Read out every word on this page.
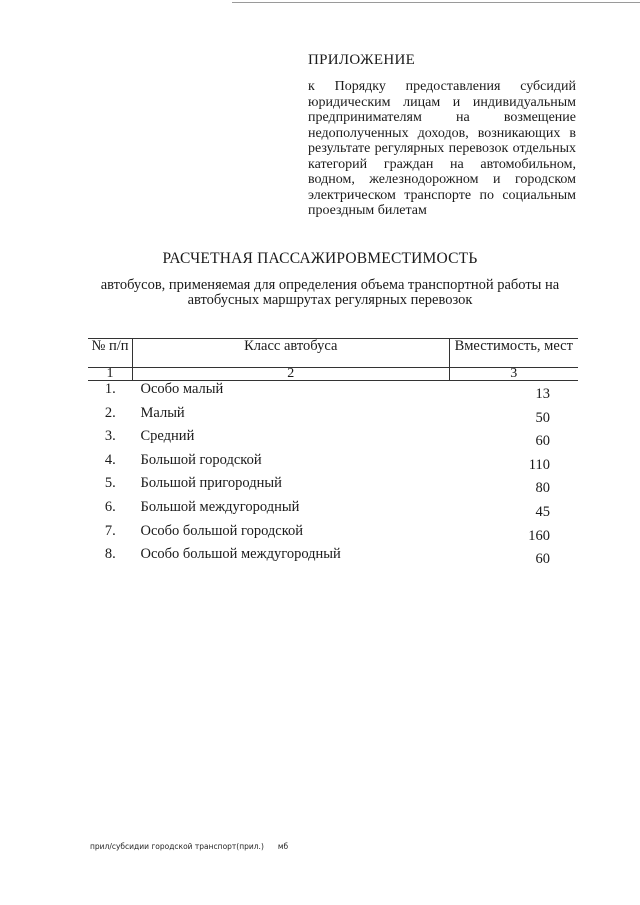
ПРИЛОЖЕНИЕ
к Порядку предоставления субсидий юридическим лицам и индивидуальным предпринимателям на возмещение недополученных доходов, возникающих в результате регулярных перевозок отдельных категорий граждан на автомобильном, водном, железнодорожном и городском электрическом транспорте по социальным проездным билетам
РАСЧЕТНАЯ ПАССАЖИРОВМЕСТИМОСТЬ
автобусов, применяемая для определения объема транспортной работы на автобусных маршрутах регулярных перевозок
№ п/п	Класс автобуса	Вместимость, мест
1	2	3
1.	Особо малый	13
2.	Малый	50
3.	Средний	60
4.	Большой городской	110
5.	Большой пригородный	80
6.	Большой междугородный	45
7.	Особо большой городской	160
8.	Особо большой междугородный	60
прил/субсидии городской транспорт(прил.) мб
